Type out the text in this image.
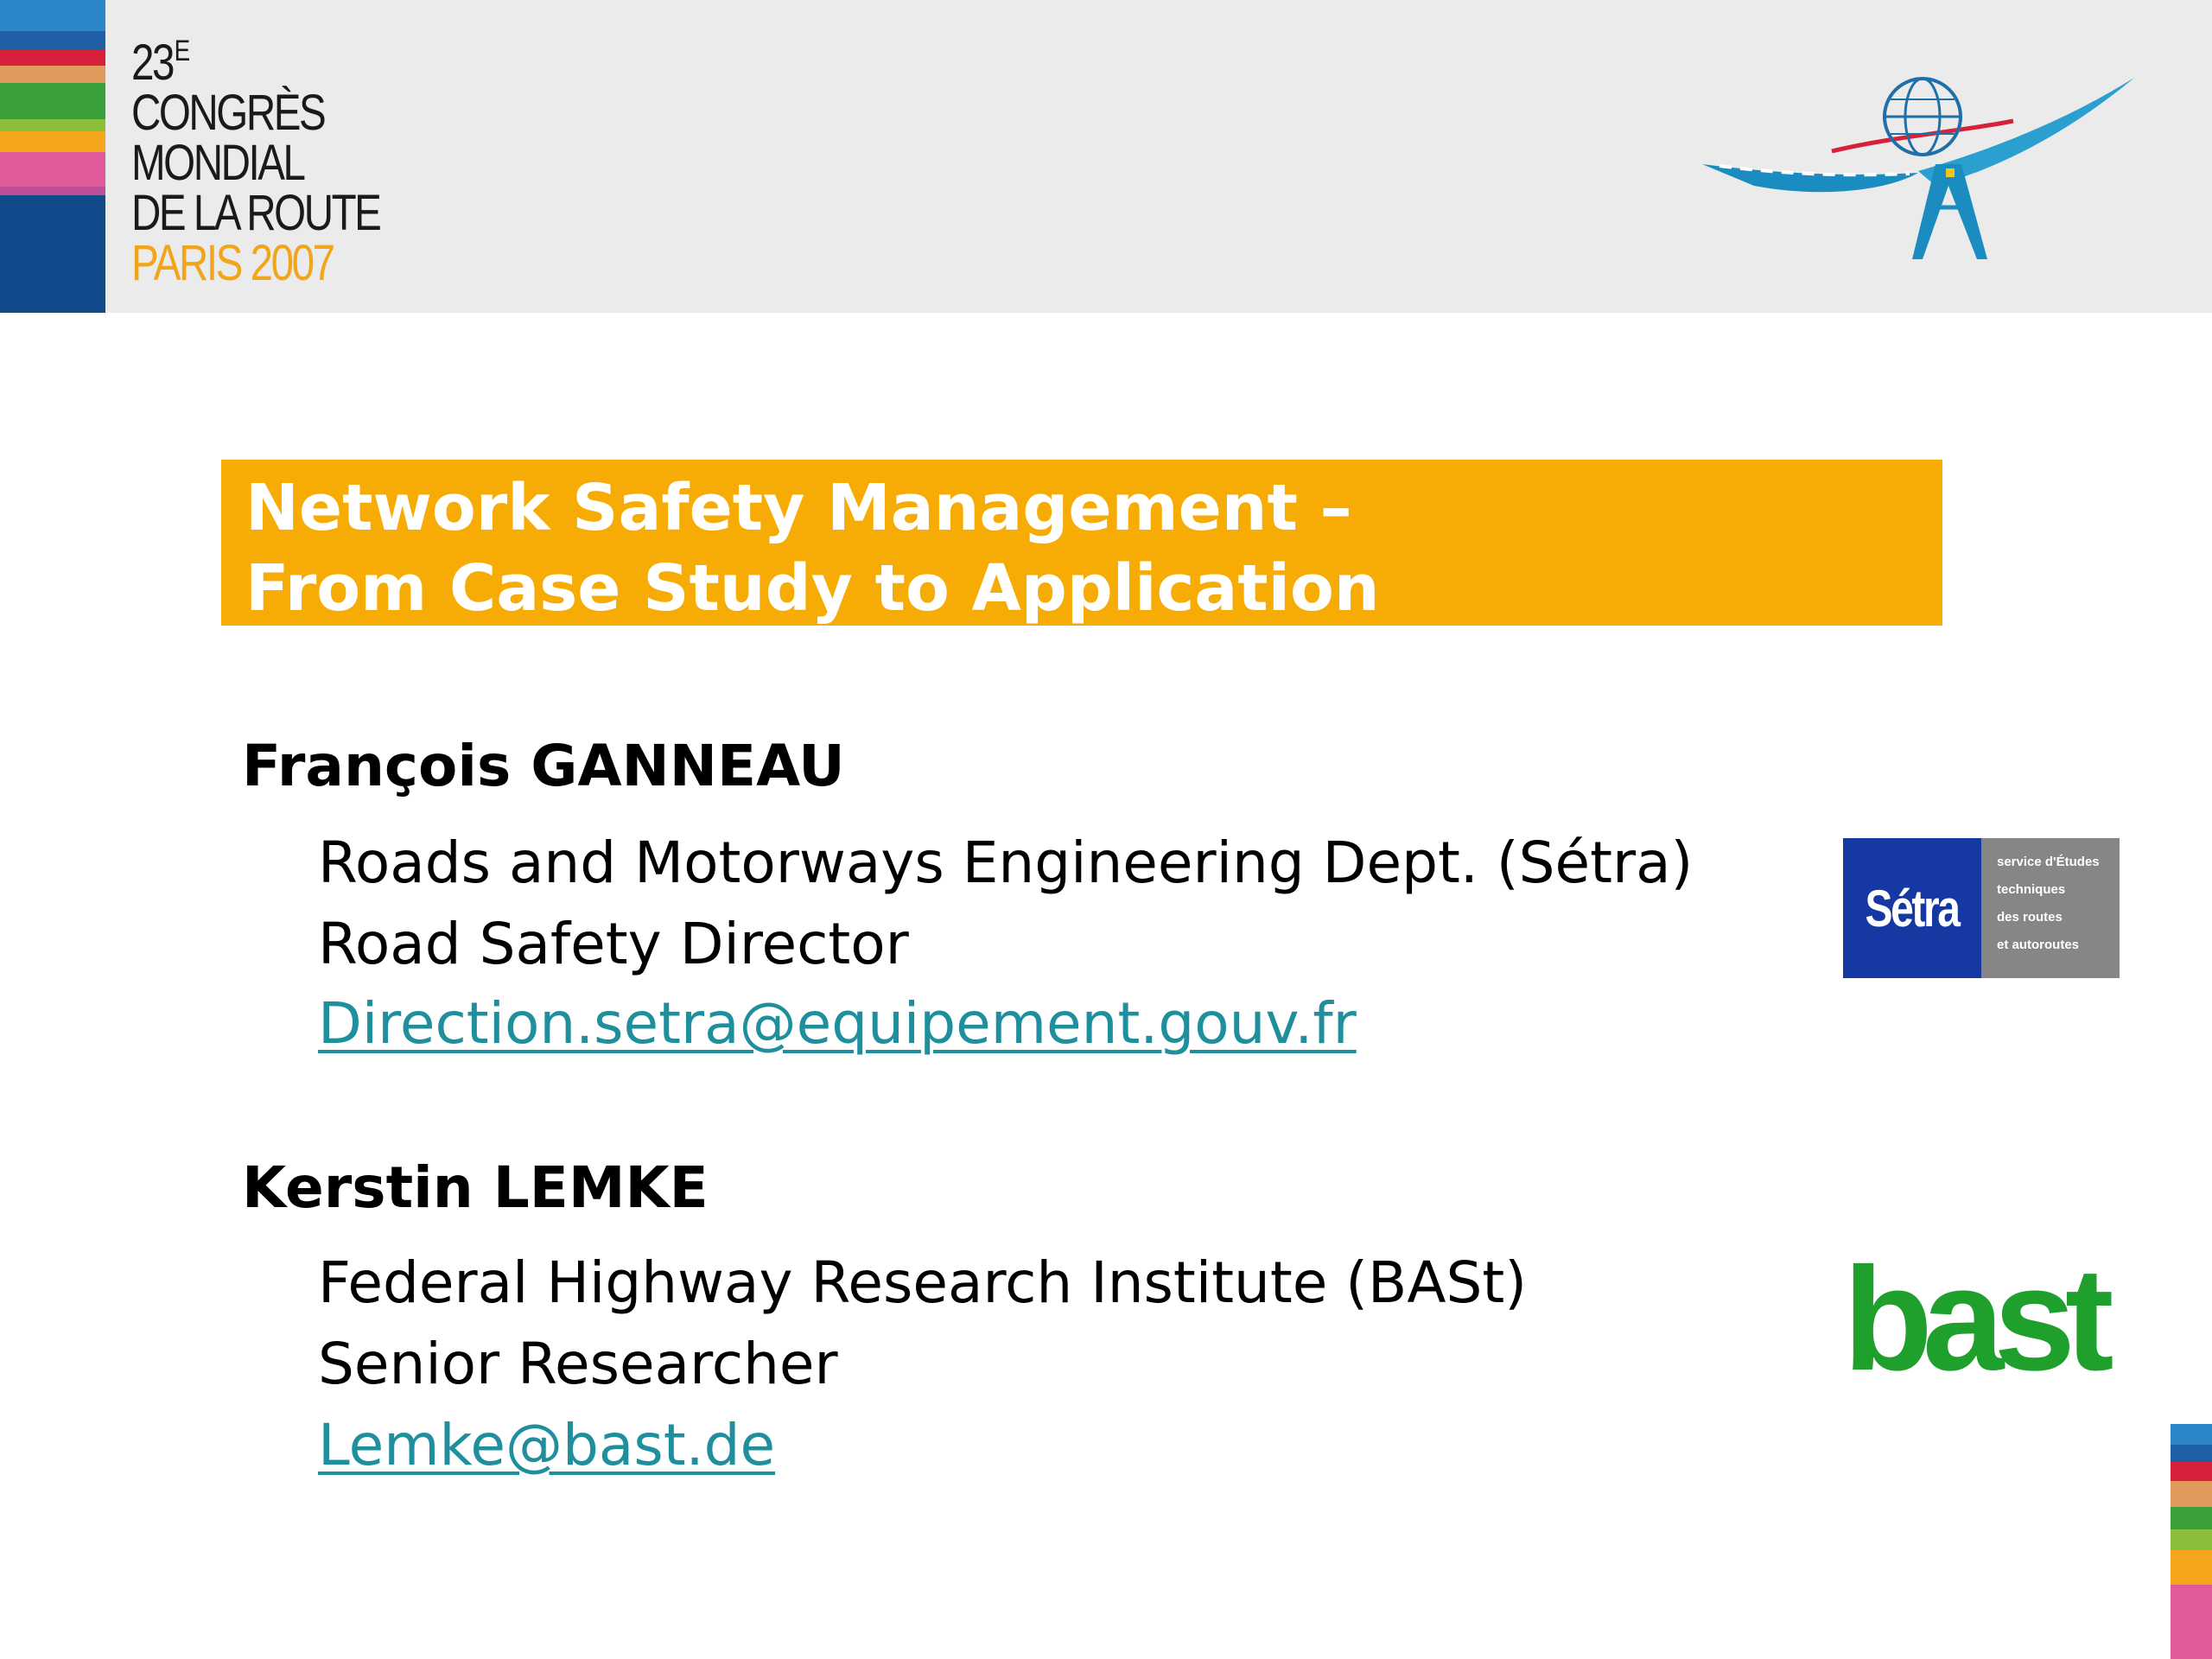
$23^E$
CONGRÈS
MONDIAL
DE LA ROUTE
PARIS 2007
Network Safety Management –
From Case Study to Application
François GANNEAU
Roads and Motorways Engineering Dept. (Sétra)
Road Safety Director
Direction.setra@equipement.gouv.fr
Sétra
service d'Études
techniques
des routes
et autoroutes
Kerstin LEMKE
Federal Highway Research Institute (BASt)
Senior Researcher
Lemke@bast.de
bast
